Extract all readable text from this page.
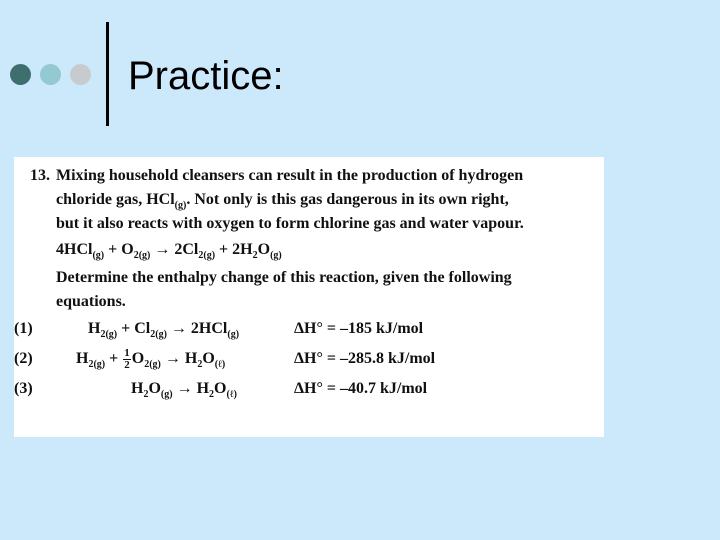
Practice:
13. Mixing household cleansers can result in the production of hydrogen
chloride gas, HCl$_{(g)}$. Not only is this gas dangerous in its own right,
but it also reacts with oxygen to form chlorine gas and water vapour.
$4HCl_{(g)} + O_{2(g)} \to 2Cl_{2(g)} + 2H_2O_{(g)}$
Determine the enthalpy change of this reaction, given the following
equations.
(1)	$H_{2(g)} + Cl_{2(g)} \to 2HCl_{(g)}$	ΔH° = –185 kJ/mol
(2)	$H_{2(g)} + \frac{1}{2} O_{2(g)} \to H_2O_{(\ell)}$	ΔH° = –285.8 kJ/mol
(3)	$H_2O_{(g)} \to H_2O_{(\ell)}$	ΔH° = –40.7 kJ/mol
